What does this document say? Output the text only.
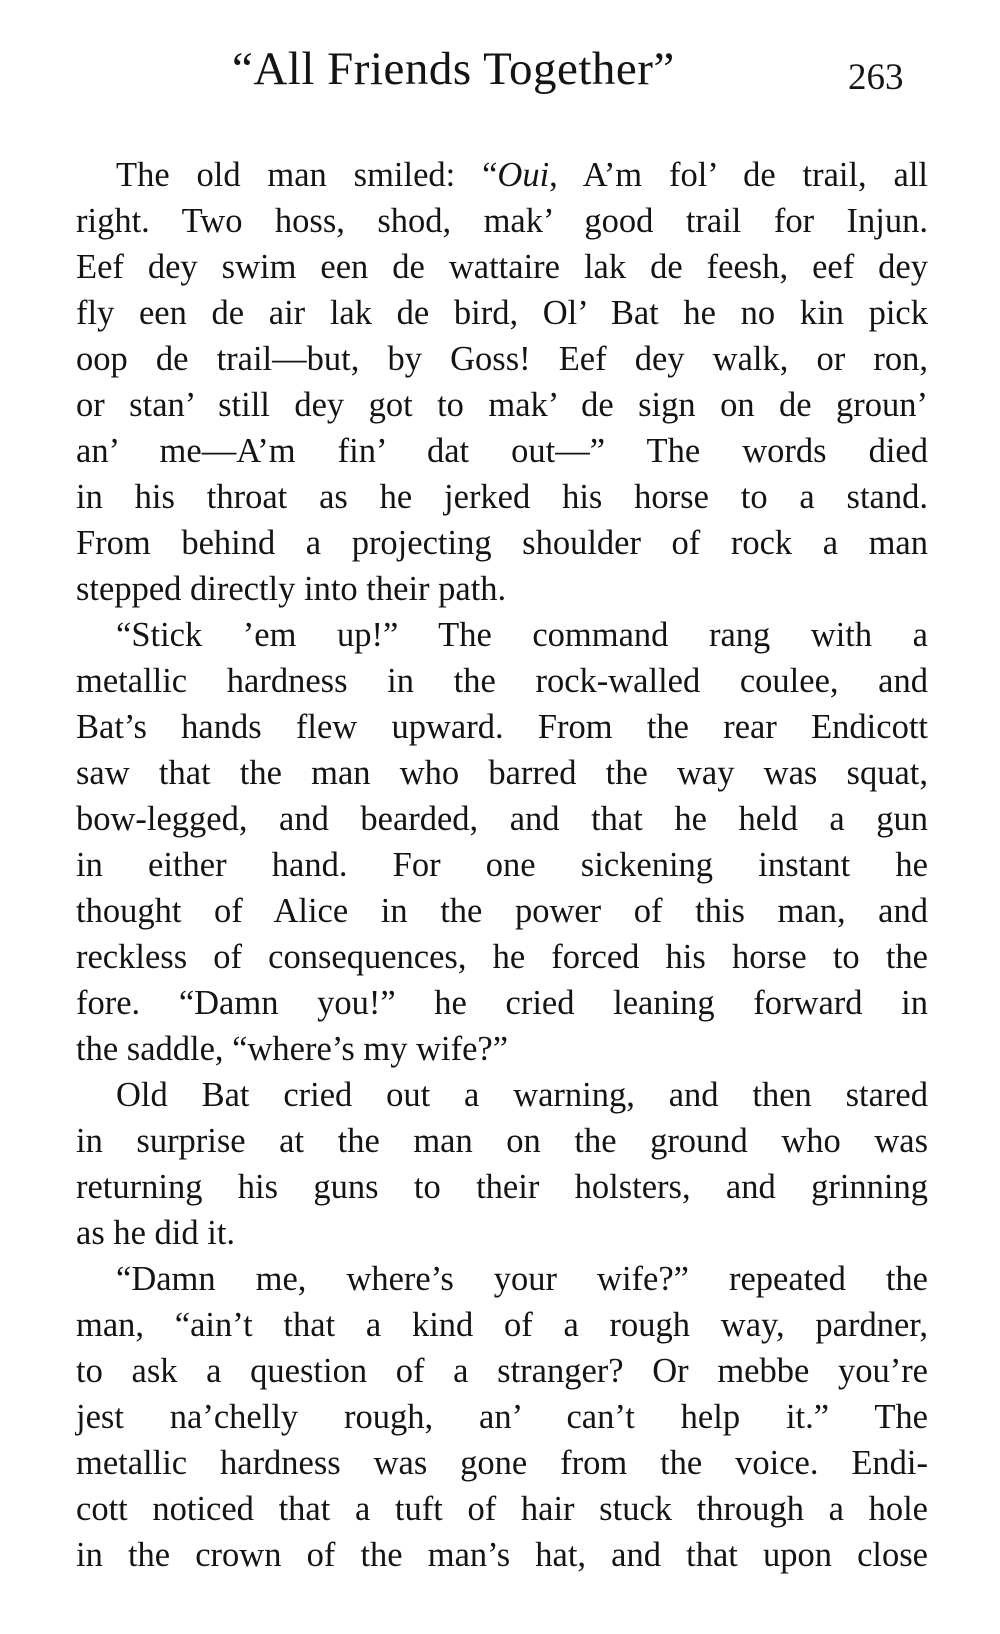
“All Friends Together”	263
The old man smiled: “Oui, A’m fol’ de trail, all
right. Two hoss, shod, mak’ good trail for Injun.
Eef dey swim een de wattaire lak de feesh, eef dey
fly een de air lak de bird, Ol’ Bat he no kin pick
oop de trail—but, by Goss! Eef dey walk, or ron,
or stan’ still dey got to mak’ de sign on de groun’
an’ me—A’m fin’ dat out—” The words died
in his throat as he jerked his horse to a stand.
From behind a projecting shoulder of rock a man
stepped directly into their path.
“Stick ’em up!” The command rang with a
metallic hardness in the rock-walled coulee, and
Bat’s hands flew upward. From the rear Endicott
saw that the man who barred the way was squat,
bow-legged, and bearded, and that he held a gun
in either hand. For one sickening instant he
thought of Alice in the power of this man, and
reckless of consequences, he forced his horse to the
fore. “Damn you!” he cried leaning forward in
the saddle, “where’s my wife?”
Old Bat cried out a warning, and then stared
in surprise at the man on the ground who was
returning his guns to their holsters, and grinning
as he did it.
“Damn me, where’s your wife?” repeated the
man, “ain’t that a kind of a rough way, pardner,
to ask a question of a stranger? Or mebbe you’re
jest na’chelly rough, an’ can’t help it.” The
metallic hardness was gone from the voice. Endi-
cott noticed that a tuft of hair stuck through a hole
in the crown of the man’s hat, and that upon close
